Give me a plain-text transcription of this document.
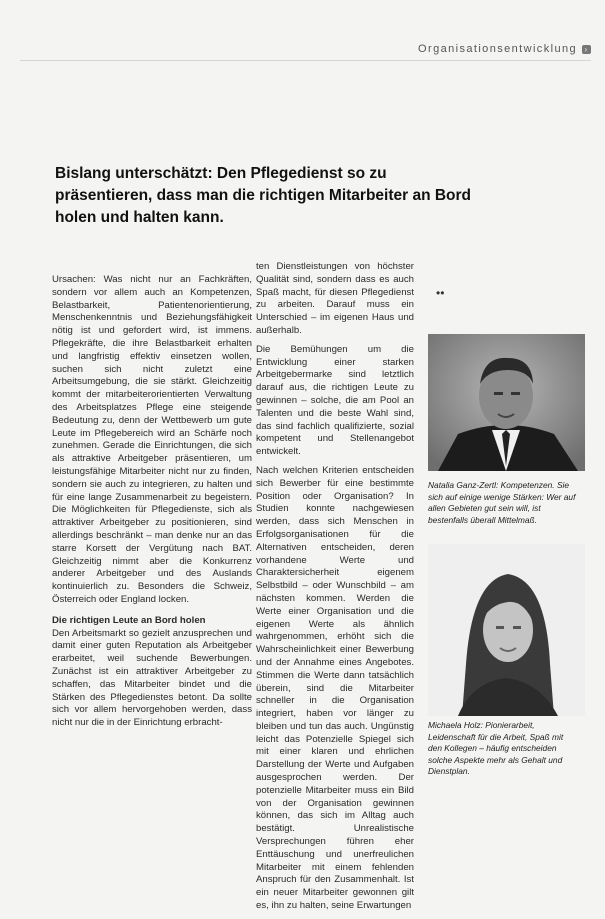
Organisationsentwicklung ›
Bislang unterschätzt: Den Pflegedienst so zu präsentieren, dass man die richtigen Mitarbeiter an Bord holen und halten kann.

Ursachen: Was nicht nur an Fachkräften, sondern vor allem auch an Kompetenzen, Belastbarkeit, Patientenorientierung, Menschenkenntnis und Beziehungsfähigkeit nötig ist und gefordert wird, ist immens. Pflegekräfte, die ihre Belastbarkeit erhalten und langfristig effektiv einsetzen wollen, suchen sich nicht zuletzt eine Arbeitsumgebung, die sie stärkt. Gleichzeitig kommt der mitarbeiterorientierten Verwaltung des Arbeitsplatzes Pflege eine steigende Bedeutung zu, denn der Wettbewerb um gute Leute im Pflegebereich wird an Schärfe noch zunehmen. Gerade die Einrichtungen, die sich als attraktive Arbeitgeber präsentieren, um leistungsfähige Mitarbeiter nicht nur zu finden, sondern sie auch zu integrieren, zu halten und für eine lange Zusammenarbeit zu begeistern. Die Möglichkeiten für Pflegedienste, sich als attraktiver Arbeitgeber zu positionieren, sind allerdings beschränkt – man denke nur an das starre Korsett der Vergütung nach BAT. Gleichzeitig nimmt aber die Konkurrenz anderer Arbeitgeber und des Auslands kontinuierlich zu. Besonders die Schweiz, Österreich oder England locken.

Die richtigen Leute an Bord holen

Den Arbeitsmarkt so gezielt anzusprechen und damit einer guten Reputation als Arbeitgeber erarbeitet, weil suchende Bewerbungen. Zunächst ist ein attraktiver Arbeitgeber zu schaffen, das Mitarbeiter bindet und die Stärken des Pflegedienstes betont. Da sollte sich vor allem hervorgehoben werden, dass nicht nur die in der Einrichtung erbracht-

ten Dienstleistungen von höchster Qualität sind, sondern dass es auch Spaß macht, für diesen Pflegedienst zu arbeiten. Darauf muss ein Unterschied – im eigenen Haus und außerhalb.

Die Bemühungen um die Entwicklung einer starken Arbeitgebermarke sind letztlich darauf aus, die richtigen Leute zu gewinnen – solche, die am Pool an Talenten und die beste Wahl sind, das sind fachlich qualifizierte, sozial kompetent und Stellenangebot entwickelt.

Nach welchen Kriterien entscheiden sich Bewerber für eine bestimmte Position oder Organisation? In Studien konnte nachgewiesen werden, dass sich Menschen in Erfolgsorganisationen für die Alternativen entscheiden, deren vorhandene Werte und Charaktersicherheit eigenem Selbstbild – oder Wunschbild – am nächsten kommen. Werden die Werte einer Organisation und die eigenen Werte als ähnlich wahrgenommen, erhöht sich die Wahrscheinlichkeit einer Bewerbung und der Annahme eines Angebotes. Stimmen die Werte dann tatsächlich überein, sind die Mitarbeiter schneller in die Organisation integriert, haben vor länger zu bleiben und tun das auch. Ungünstig leicht das Potenzielle Spiegel sich mit einer klaren und ehrlichen Darstellung der Werte und Aufgaben ausgesprochen werden. Der potenzielle Mitarbeiter muss ein Bild von der Organisation gewinnen können, das sich im Alltag auch bestätigt. Unrealistische Versprechungen führen eher Enttäuschung und unerfreulichen Mitarbeiter mit einem fehlenden Anspruch für den Zusammenhalt. Ist ein neuer Mitarbeiter gewonnen gilt es, ihn zu halten, seine Erwartungen

••
Natalia Ganz-Zertl: Kompetenzen. Sie sich auf einige wenige Stärken: Wer auf allen Gebieten gut sein will, ist bestenfalls überall Mittelmaß.
Michaela Holz: Pionierarbeit, Leidenschaft für die Arbeit, Spaß mit den Kollegen – häufig entscheiden solche Aspekte mehr als Gehalt und Dienstplan.
